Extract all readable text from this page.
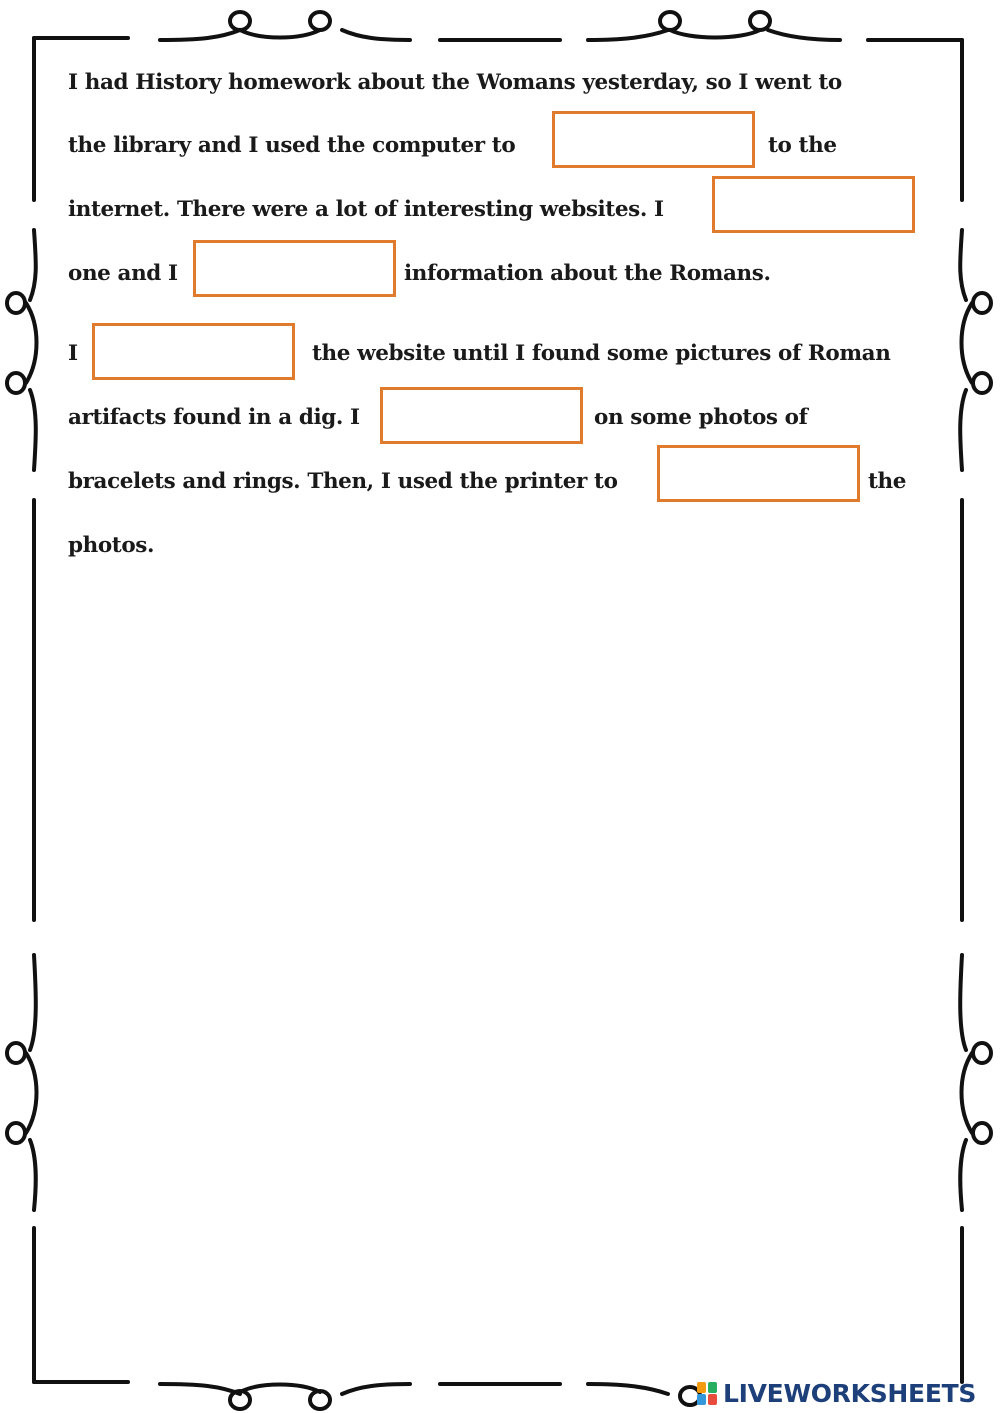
I had History homework about the Womans yesterday, so I went to
the library and I used the computer to	to the
internet. There were a lot of interesting websites. I
one and I	information about the Romans.
I	the website until I found some pictures of Roman
artifacts found in a dig. I	on some photos of
bracelets and rings. Then, I used the printer to	the
photos.
LIVEWORKSHEETS
